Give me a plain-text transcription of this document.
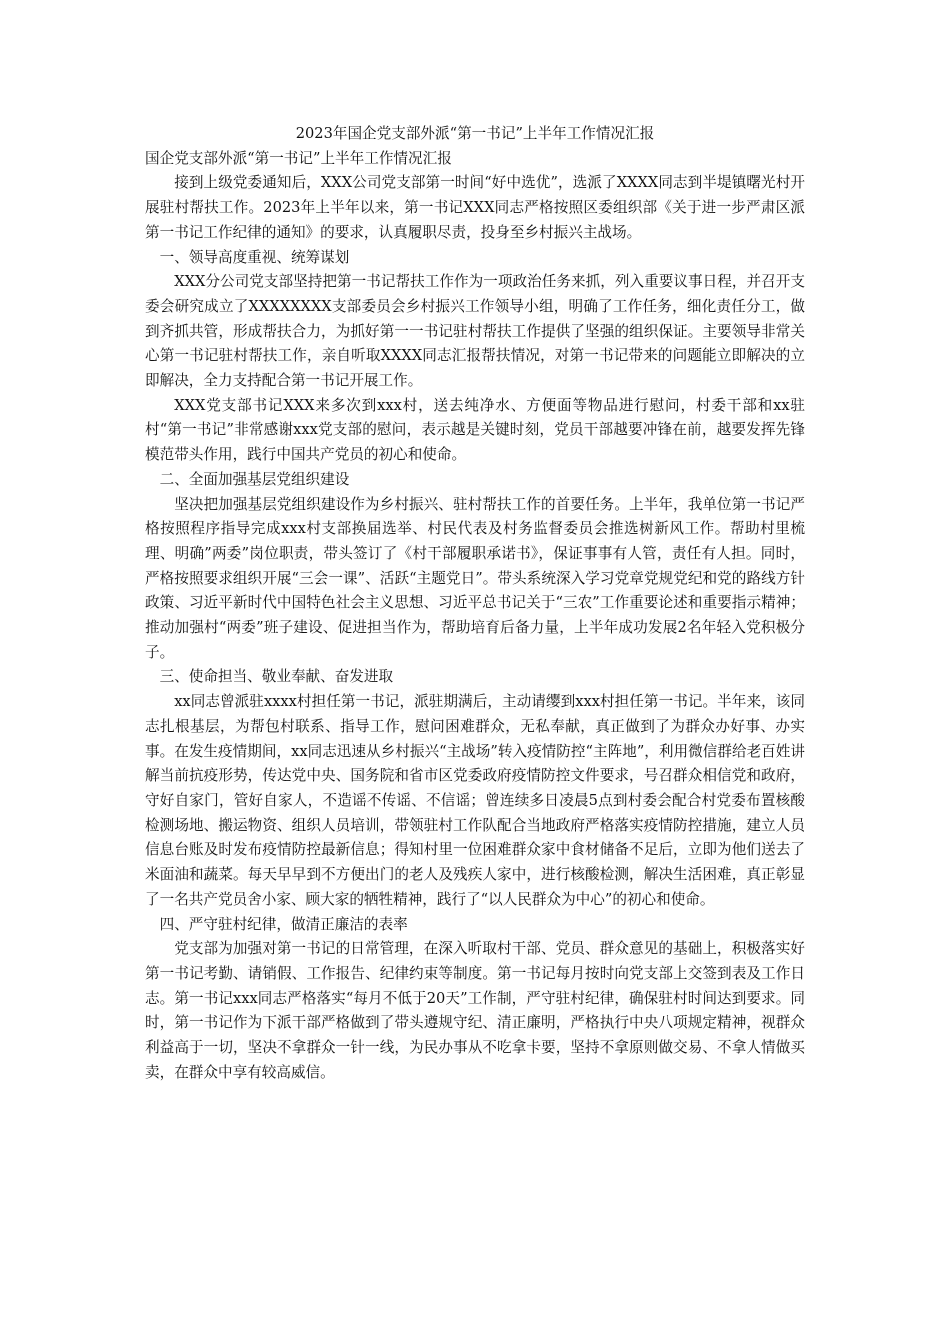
2023年国企党支部外派“第一书记”上半年工作情况汇报

国企党支部外派“第一书记”上半年工作情况汇报

接到上级党委通知后，XXX公司党支部第一时间“好中选优”，选派了XXXX同志到半堤镇曙光村开展驻村帮扶工作。2023年上半年以来，第一书记XXX同志严格按照区委组织部《关于进一步严肃区派第一书记工作纪律的通知》的要求，认真履职尽责，投身至乡村振兴主战场。

一、领导高度重视、统筹谋划

XXX分公司党支部坚持把第一书记帮扶工作作为一项政治任务来抓，列入重要议事日程，并召开支委会研究成立了XXXXXXXX支部委员会乡村振兴工作领导小组，明确了工作任务，细化责任分工，做到齐抓共管，形成帮扶合力，为抓好第一一书记驻村帮扶工作提供了坚强的组织保证。主要领导非常关心第一书记驻村帮扶工作，亲自听取XXXX同志汇报帮扶情况，对第一书记带来的问题能立即解决的立即解决，全力支持配合第一书记开展工作。

XXX党支部书记XXX来多次到xxx村，送去纯净水、方便面等物品进行慰问，村委干部和xx驻村“第一书记”非常感谢xxx党支部的慰问，表示越是关键时刻，党员干部越要冲锋在前，越要发挥先锋模范带头作用，践行中国共产党员的初心和使命。

二、全面加强基层党组织建设

坚决把加强基层党组织建设作为乡村振兴、驻村帮扶工作的首要任务。上半年，我单位第一书记严格按照程序指导完成xxx村支部换届选举、村民代表及村务监督委员会推选树新风工作。帮助村里梳理、明确”两委”岗位职责，带头签订了《村干部履职承诺书》，保证事事有人管，责任有人担。同时，严格按照要求组织开展“三会一课”、活跃“主题党日”。带头系统深入学习党章党规党纪和党的路线方针政策、习近平新时代中国特色社会主义思想、习近平总书记关于“三农”工作重要论述和重要指示精神；推动加强村“两委”班子建设、促进担当作为，帮助培育后备力量，上半年成功发展2名年轻入党积极分子。

三、使命担当、敬业奉献、奋发进取

xx同志曾派驻xxxx村担任第一书记，派驻期满后，主动请缨到xxx村担任第一书记。半年来，该同志扎根基层，为帮包村联系、指导工作，慰问困难群众，无私奉献，真正做到了为群众办好事、办实事。在发生疫情期间，xx同志迅速从乡村振兴“主战场”转入疫情防控“主阵地”，利用微信群给老百姓讲解当前抗疫形势，传达党中央、国务院和省市区党委政府疫情防控文件要求，号召群众相信党和政府，守好自家门，管好自家人，不造谣不传谣、不信谣；曾连续多日凌晨5点到村委会配合村党委布置核酸检测场地、搬运物资、组织人员培训，带领驻村工作队配合当地政府严格落实疫情防控措施，建立人员信息台账及时发布疫情防控最新信息；得知村里一位困难群众家中食材储备不足后，立即为他们送去了米面油和蔬菜。每天早早到不方便出门的老人及残疾人家中，进行核酸检测，解决生活困难，真正彰显了一名共产党员舍小家、顾大家的牺牲精神，践行了“以人民群众为中心”的初心和使命。

四、严守驻村纪律，做清正廉洁的表率

党支部为加强对第一书记的日常管理，在深入听取村干部、党员、群众意见的基础上，积极落实好第一书记考勤、请销假、工作报告、纪律约束等制度。第一书记每月按时向党支部上交签到表及工作日志。第一书记xxx同志严格落实“每月不低于20天”工作制，严守驻村纪律，确保驻村时间达到要求。同时，第一书记作为下派干部严格做到了带头遵规守纪、清正廉明，严格执行中央八项规定精神，视群众利益高于一切，坚决不拿群众一针一线，为民办事从不吃拿卡要，坚持不拿原则做交易、不拿人情做买卖，在群众中享有较高威信。
